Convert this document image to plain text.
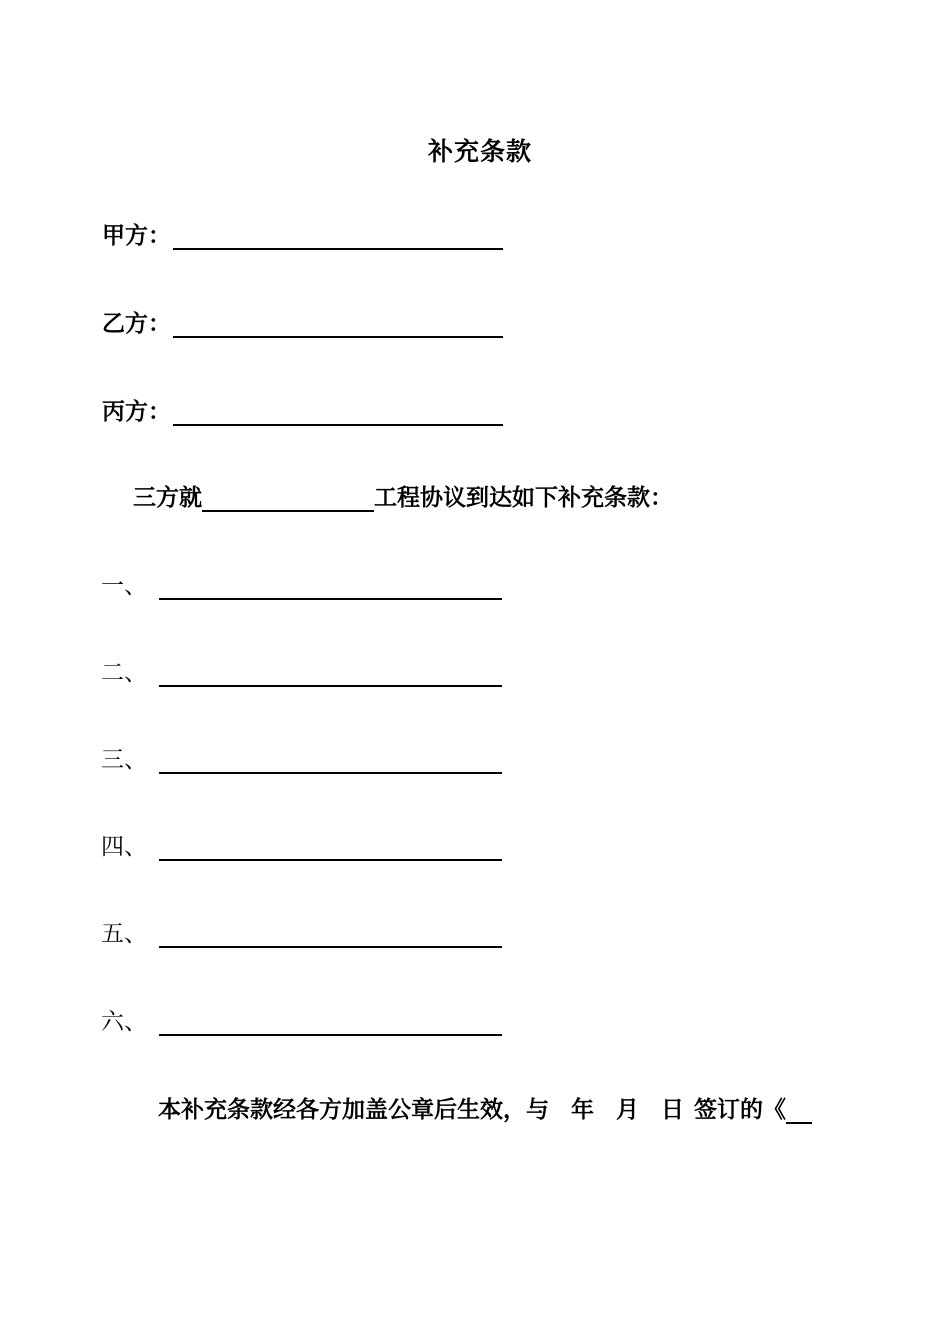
补充条款
甲方：
乙方：
丙方：
三方就	工程协议到达如下补充条款：
一、
二、
三、
四、
五、
六、
本补充条款经各方加盖公章后生效，与 年 月 日 签订的《
